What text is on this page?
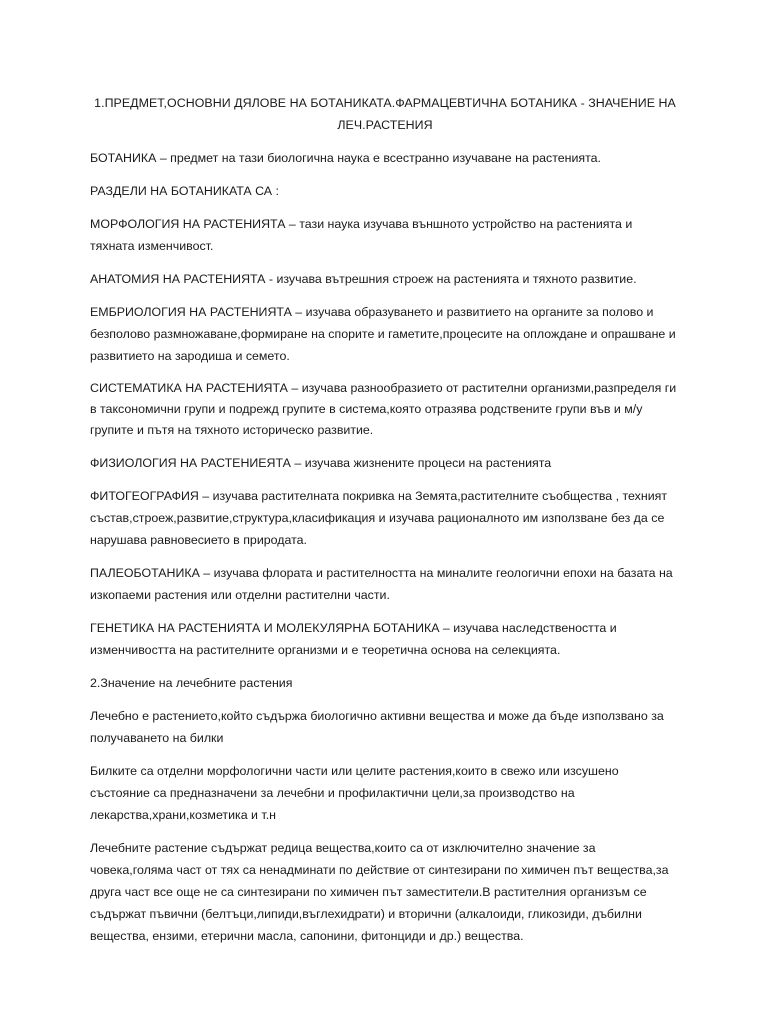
1.ПРЕДМЕТ,ОСНОВНИ ДЯЛОВЕ НА БОТАНИКАТА.ФАРМАЦЕВТИЧНА БОТАНИКА - ЗНАЧЕНИЕ НА ЛЕЧ.РАСТЕНИЯ

БОТАНИКА – предмет на тази биологична наука е всестранно изучаване на растенията.

РАЗДЕЛИ НА БОТАНИКАТА СА :

МОРФОЛОГИЯ НА РАСТЕНИЯТА – тази наука изучава външното устройство на растенията и тяхната изменчивост.

АНАТОМИЯ НА РАСТЕНИЯТА - изучава вътрешния строеж на растенията и тяхното развитие.

ЕМБРИОЛОГИЯ НА РАСТЕНИЯТА – изучава образуването и развитието на органите за полово и безполово размножаване,формиране на спорите и гаметите,процесите на оплождане и опрашване и развитието на зародиша и семето.

СИСТЕМАТИКА НА РАСТЕНИЯТА – изучава разнообразието от растителни организми,разпределя ги в таксономични групи и подрежд групите в система,която отразява родствените групи във и м/у групите и пътя на тяхното историческо развитие.

ФИЗИОЛОГИЯ НА РАСТЕНИЕЯТА – изучава жизнените процеси на растенията

ФИТОГЕОГРАФИЯ – изучава растителната покривка на Земята,растителните съобщества , техният състав,строеж,развитие,структура,класификация и изучава рационалното им използване без да се нарушава равновесието в природата.

ПАЛЕОБОТАНИКА – изучава флората и растителността на миналите геологични епохи на базата на изкопаеми растения или отделни растителни части.

ГЕНЕТИКА НА РАСТЕНИЯТА И МОЛЕКУЛЯРНА БОТАНИКА – изучава наследствеността и изменчивостта на растителните организми и е теоретична основа на селекцията.

2.Значение на лечебните растения

Лечебно е растението,който съдържа биологично активни вещества и може да бъде използвано за получаването на билки

Билките са отделни морфологични части или целите растения,които в свежо или изсушено състояние са предназначени за лечебни и профилактични цели,за производство на лекарства,храни,козметика и т.н

Лечебните растение съдържат редица вещества,които са от изключително значение за човека,голяма част от тях са ненадминати по действие от синтезирани по химичен път вещества,за друга част все още не са синтезирани по химичен път заместители.В растителния организъм се съдържат пъвични (белтъци,липиди,въглехидрати) и вторични (алкалоиди, гликозиди, дъбилни вещества, ензими, етерични масла, сапонини, фитонциди и др.) вещества.
